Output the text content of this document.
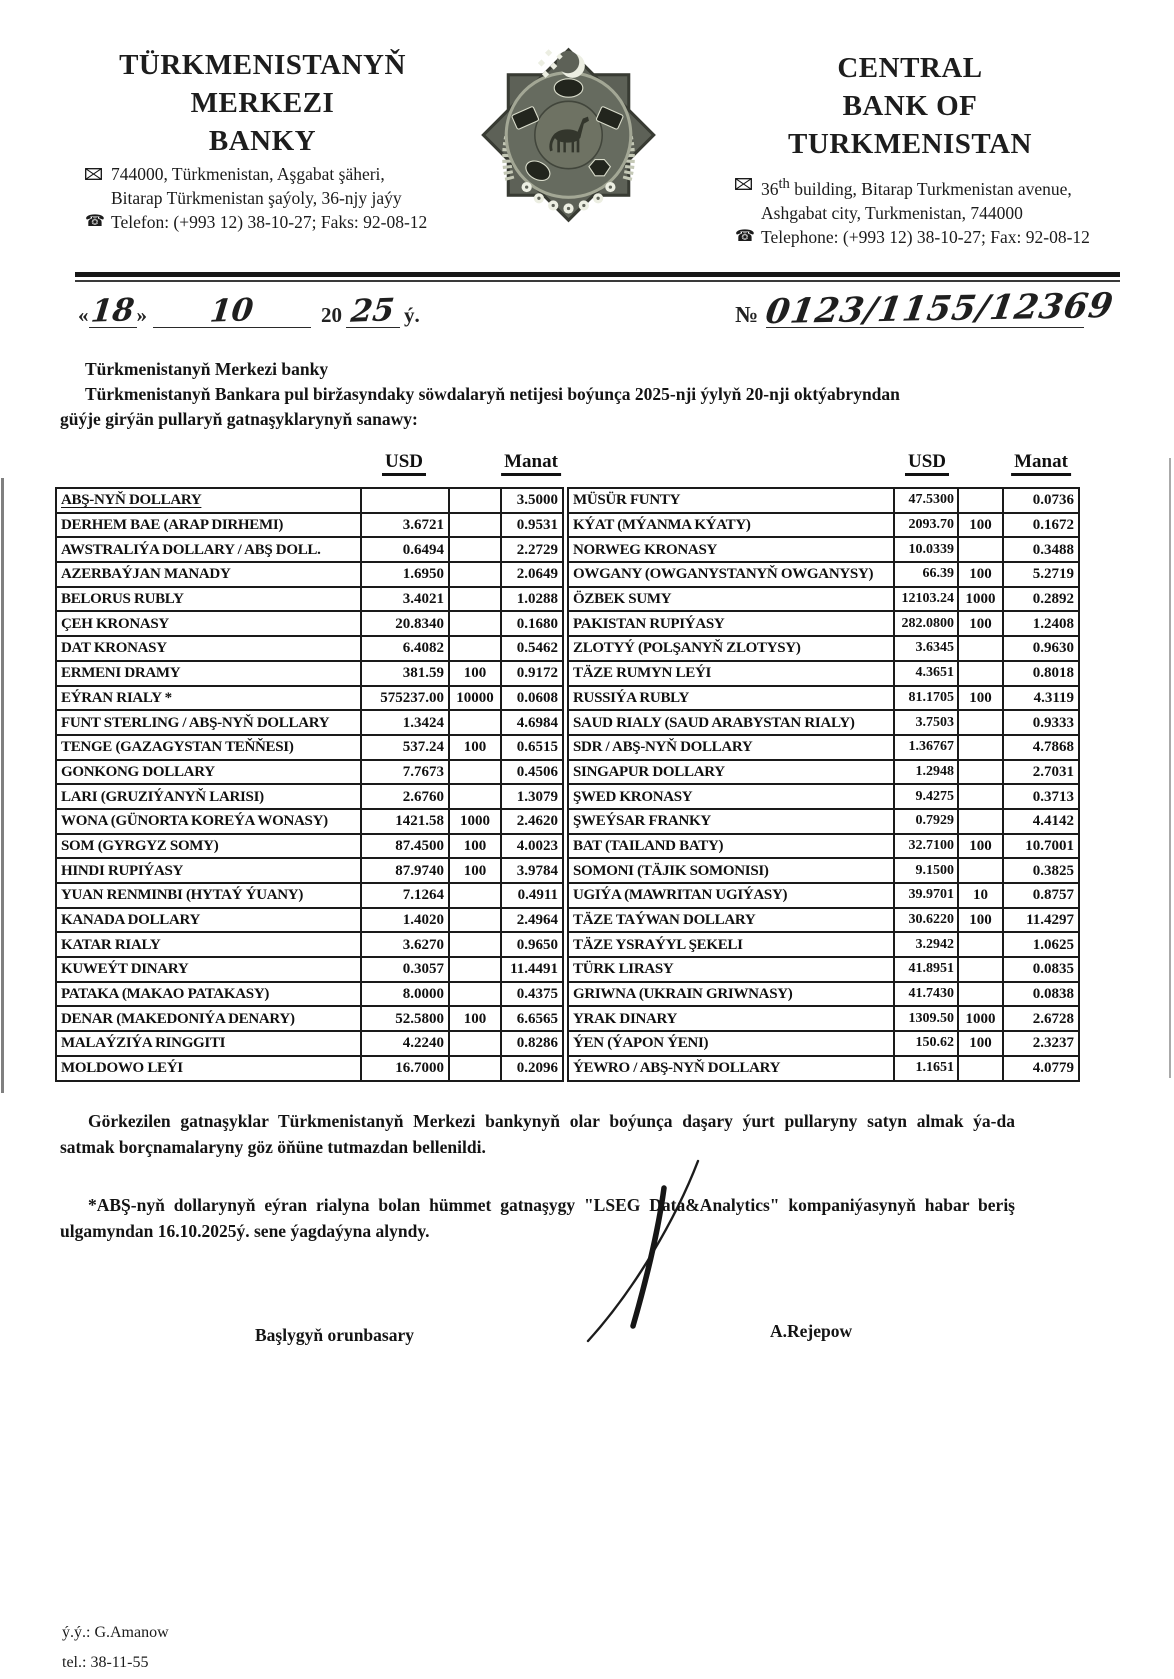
TÜRKMENISTANYŇ
MERKEZI
BANKY
CENTRAL
BANK OF
TURKMENISTAN
744000, Türkmenistan, Aşgabat şäheri,
Bitarap Türkmenistan şaýoly, 36-njy jaýy
☎ Telefon: (+993 12) 38-10-27; Faks: 92-08-12
36th building, Bitarap Turkmenistan avenue,
Ashgabat city, Turkmenistan, 744000
☎ Telephone: (+993 12) 38-10-27; Fax: 92-08-12
« 18 »	10	20 25 ý.	№ 0123/1155/12369
Türkmenistanyň Merkezi banky
Türkmenistanyň Bankara pul biržasyndaky söwdalaryň netijesi boýunça 2025-nji ýylyň 20-nji oktýabryndan
güýje girýän pullaryň gatnaşyklarynyň sanawy:
USD	Manat
ABŞ-NYŇ DOLLARY			3.5000
DERHEM BAE (ARAP DIRHEMI)	3.6721		0.9531
AWSTRALIÝA DOLLARY / ABŞ DOLL.	0.6494		2.2729
AZERBAÝJAN MANADY	1.6950		2.0649
BELORUS RUBLY	3.4021		1.0288
ÇEH KRONASY	20.8340		0.1680
DAT KRONASY	6.4082		0.5462
ERMENI DRAMY	381.59	100	0.9172
EÝRAN RIALY *	575237.00	10000	0.0608
FUNT STERLING / ABŞ-NYŇ DOLLARY	1.3424		4.6984
TENGE (GAZAGYSTAN TEŇŇESI)	537.24	100	0.6515
GONKONG DOLLARY	7.7673		0.4506
LARI (GRUZIÝANYŇ LARISI)	2.6760		1.3079
WONA (GÜNORTA KOREÝA WONASY)	1421.58	1000	2.4620
SOM (GYRGYZ SOMY)	87.4500	100	4.0023
HINDI RUPIÝASY	87.9740	100	3.9784
YUAN RENMINBI (HYTAÝ ÝUANY)	7.1264		0.4911
KANADA DOLLARY	1.4020		2.4964
KATAR RIALY	3.6270		0.9650
KUWEÝT DINARY	0.3057		11.4491
PATAKA (MAKAO PATAKASY)	8.0000		0.4375
DENAR (MAKEDONIÝA DENARY)	52.5800	100	6.6565
MALAÝZIÝA RINGGITI	4.2240		0.8286
MOLDOWO LEÝI	16.7000		0.2096
USD	Manat
MÜSÜR FUNTY	47.5300		0.0736
KÝAT (MÝANMA KÝATY)	2093.70	100	0.1672
NORWEG KRONASY	10.0339		0.3488
OWGANY (OWGANYSTANYŇ OWGANYSY)	66.39	100	5.2719
ÖZBEK SUMY	12103.24	1000	0.2892
PAKISTAN RUPIÝASY	282.0800	100	1.2408
ZLOTYÝ (POLŞANYŇ ZLOTYSY)	3.6345		0.9630
TÄZE RUMYN LEÝI	4.3651		0.8018
RUSSIÝA RUBLY	81.1705	100	4.3119
SAUD RIALY (SAUD ARABYSTAN RIALY)	3.7503		0.9333
SDR / ABŞ-NYŇ DOLLARY	1.36767		4.7868
SINGAPUR DOLLARY	1.2948		2.7031
ŞWED KRONASY	9.4275		0.3713
ŞWEÝSAR FRANKY	0.7929		4.4142
BAT (TAILAND BATY)	32.7100	100	10.7001
SOMONI (TÄJIK SOMONISI)	9.1500		0.3825
UGIÝA (MAWRITAN UGIÝASY)	39.9701	10	0.8757
TÄZE TAÝWAN DOLLARY	30.6220	100	11.4297
TÄZE YSRAÝYL ŞEKELI	3.2942		1.0625
TÜRK LIRASY	41.8951		0.0835
GRIWNA (UKRAIN GRIWNASY)	41.7430		0.0838
YRAK DINARY	1309.50	1000	2.6728
ÝEN (ÝAPON ÝENI)	150.62	100	2.3237
ÝEWRO / ABŞ-NYŇ DOLLARY	1.1651		4.0779
Görkezilen gatnaşyklar Türkmenistanyň Merkezi bankynyň olar boýunça daşary ýurt pullaryny satyn almak ýa-da
satmak borçnamalaryny göz öňüne tutmazdan bellenildi.
*ABŞ-nyň dollarynyň eýran rialyna bolan hümmet gatnaşygy "LSEG Data&Analytics" kompaniýasynyň habar beriş
ulgamyndan 16.10.2025ý. sene ýagdaýyna alyndy.
Başlygyň orunbasary	A.Rejepow
ý.ý.: G.Amanow
tel.: 38-11-55
